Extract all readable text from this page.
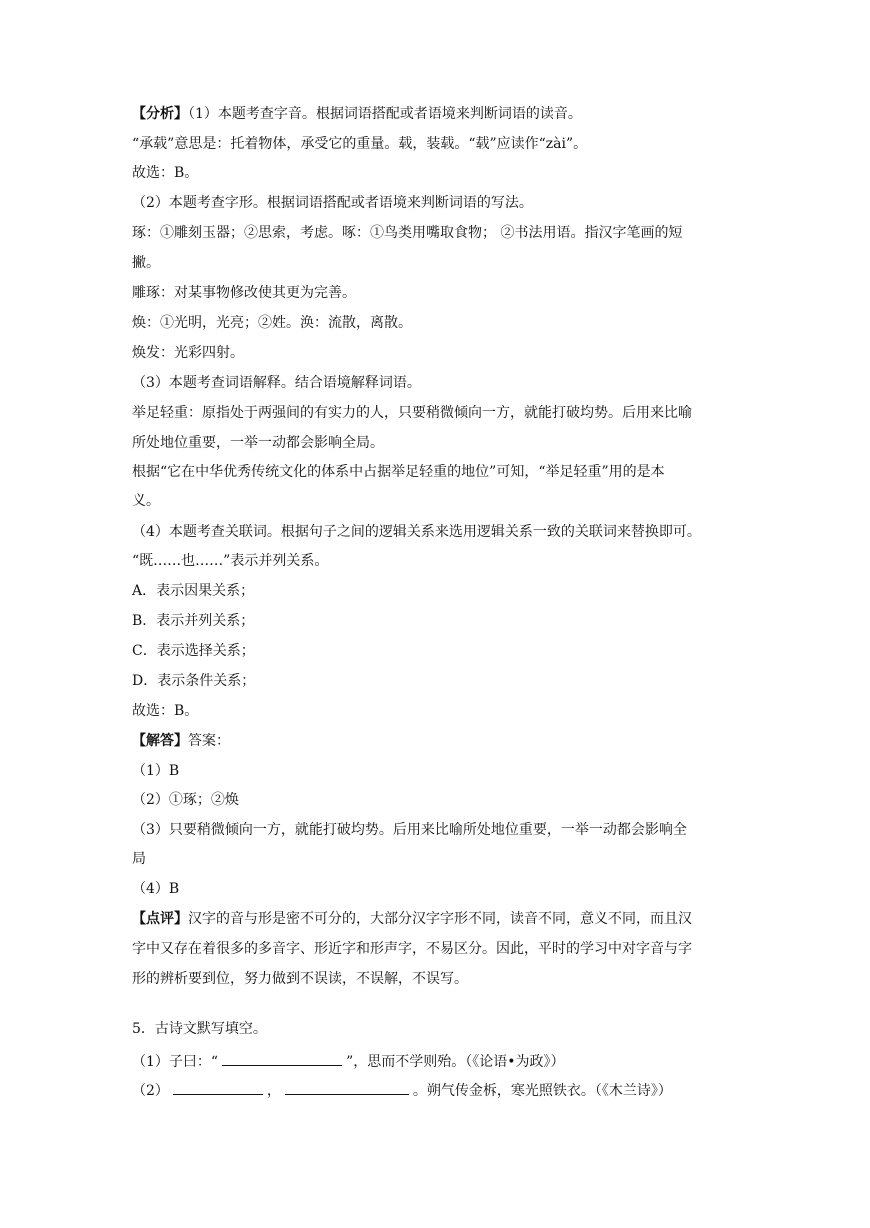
【分析】（1）本题考查字音。根据词语搭配或者语境来判断词语的读音。
“承载”意思是：托着物体，承受它的重量。载，装载。“载”应读作“zài”。
故选：B。
（2）本题考查字形。根据词语搭配或者语境来判断词语的写法。
琢：①雕刻玉器；②思索，考虑。啄：①鸟类用嘴取食物； ②书法用语。指汉字笔画的短
撇。
雕琢：对某事物修改使其更为完善。
焕：①光明，光亮；②姓。涣：流散，离散。
焕发：光彩四射。
（3）本题考查词语解释。结合语境解释词语。
举足轻重：原指处于两强间的有实力的人，只要稍微倾向一方，就能打破均势。后用来比喻
所处地位重要，一举一动都会影响全局。
根据“它在中华优秀传统文化的体系中占据举足轻重的地位”可知，“举足轻重”用的是本
义。
（4）本题考查关联词。根据句子之间的逻辑关系来选用逻辑关系一致的关联词来替换即可。
“既……也……”表示并列关系。
A．表示因果关系；
B．表示并列关系；
C．表示选择关系；
D．表示条件关系；
故选：B。
【解答】答案：
（1）B
（2）①琢；②焕
（3）只要稍微倾向一方，就能打破均势。后用来比喻所处地位重要，一举一动都会影响全
局
（4）B
【点评】汉字的音与形是密不可分的，大部分汉字字形不同，读音不同，意义不同，而且汉
字中又存在着很多的多音字、形近字和形声字，不易区分。因此，平时的学习中对字音与字
形的辨析要到位，努力做到不误读，不误解，不误写。
5．古诗文默写填空。
（1）子曰：“	”，思而不学则殆。（《论语•为政》）
（2）	，	。朔气传金柝，寒光照铁衣。（《木兰诗》）
